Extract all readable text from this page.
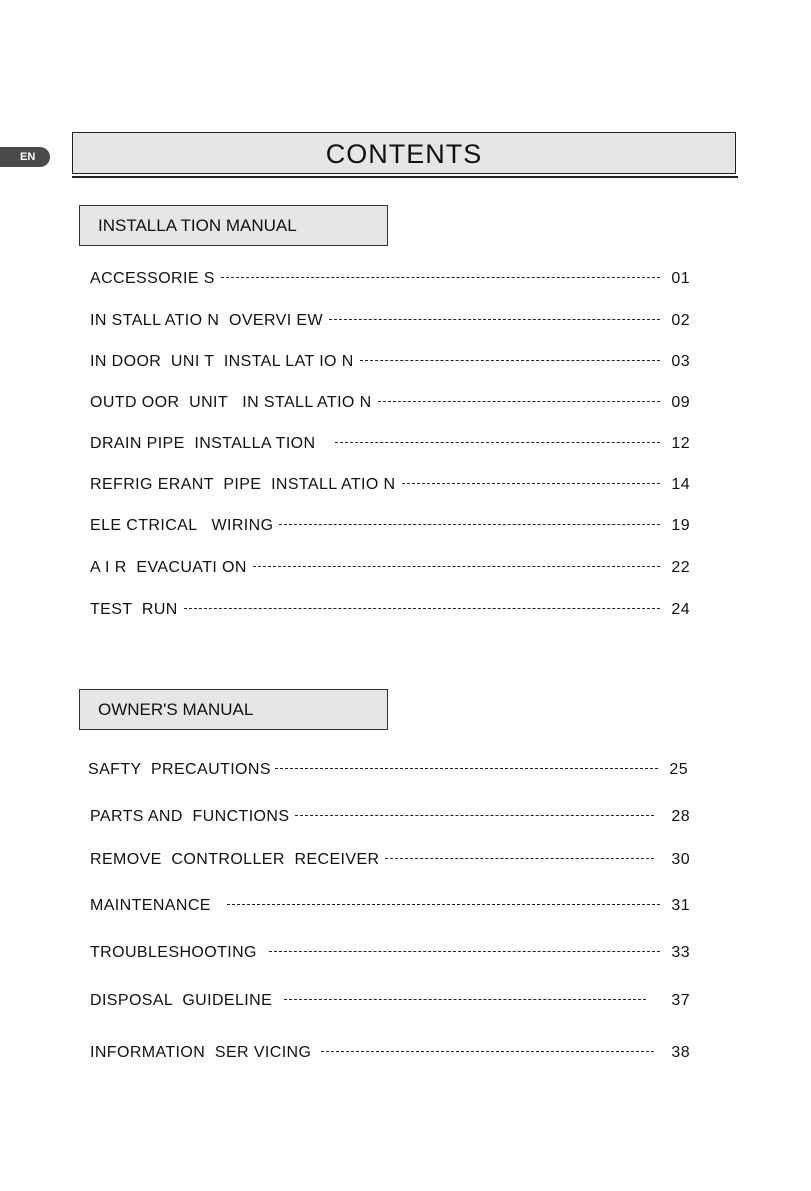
EN	CONTENTS
INSTALLA TION MANUAL
ACCESSORIE S	01
IN STALL ATIO N  OVERVI EW	02
IN DOOR  UNI T  INSTAL LAT IO N	03
OUTD OOR  UNIT   IN STALL ATIO N	09
DRAIN PIPE  INSTALLA TION	12
REFRIG ERANT  PIPE  INSTALL ATIO N	14
ELE CTRICAL   WIRING	19
A I R  EVACUATI ON	22
TEST  RUN	24
OWNER'S MANUAL
SAFTY  PRECAUTIONS	25
PARTS AND  FUNCTIONS	28
REMOVE  CONTROLLER  RECEIVER	30
MAINTENANCE	31
TROUBLESHOOTING	33
DISPOSAL  GUIDELINE	37
INFORMATION  SER VICING	38
